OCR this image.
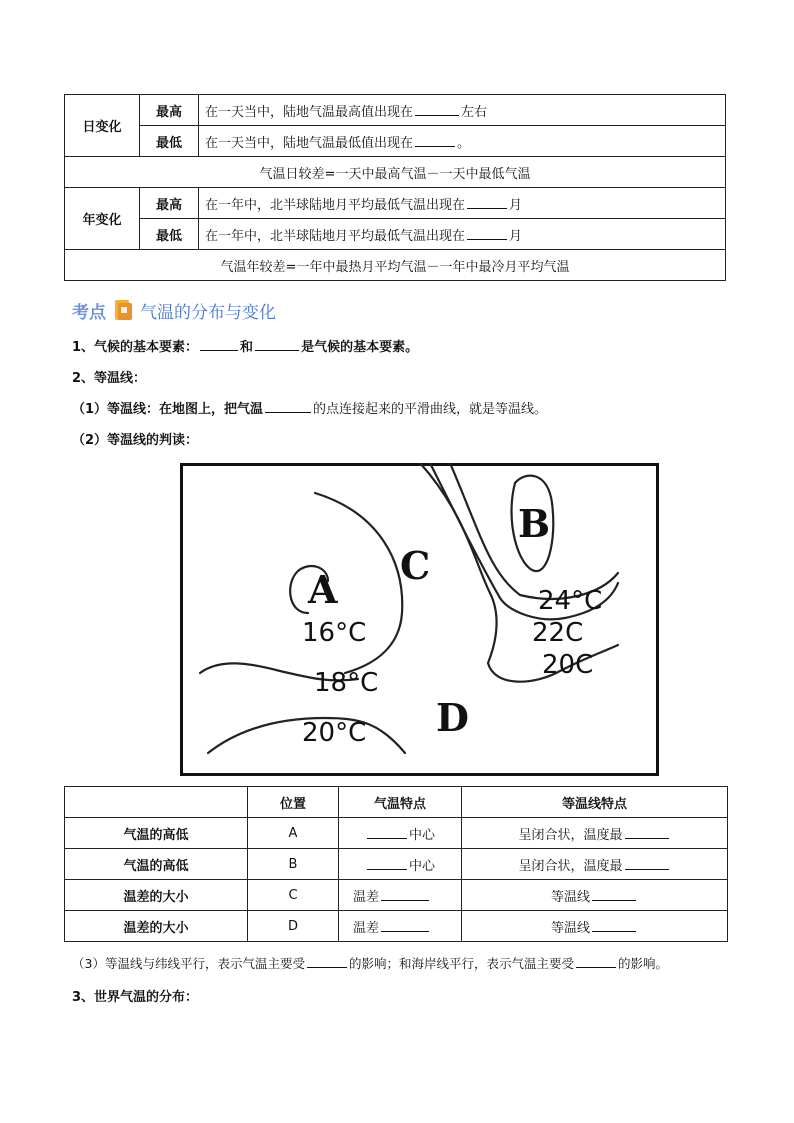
日变化	最高	在一天当中，陆地气温最高值出现在 左右
	最低	在一天当中，陆地气温最低值出现在 。
气温日较差=一天中最高气温－一天中最低气温		
年变化	最高	在一年中，北半球陆地月平均最低气温出现在 月
	最低	在一年中，北半球陆地月平均最低气温出现在 月
气温年较差=一年中最热月平均气温－一年中最冷月平均气温		
考点 气温的分布与变化
1、气候的基本要素：	和	是气候的基本要素。
2、等温线：
（1）等温线：在地图上，把气温	的点连接起来的平滑曲线，就是等温线。
（2）等温线的判读：
A
B
C
D
16°C
18°C
20°C
24°C
22C
20C
	位置	气温特点	等温线特点
气温的高低	A	中心	呈闭合状，温度最
气温的高低	B	中心	呈闭合状，温度最
温差的大小	C	温差	等温线
温差的大小	D	温差	等温线
（3）等温线与纬线平行，表示气温主要受	的影响；和海岸线平行，表示气温主要受	的影响。
3、世界气温的分布：
